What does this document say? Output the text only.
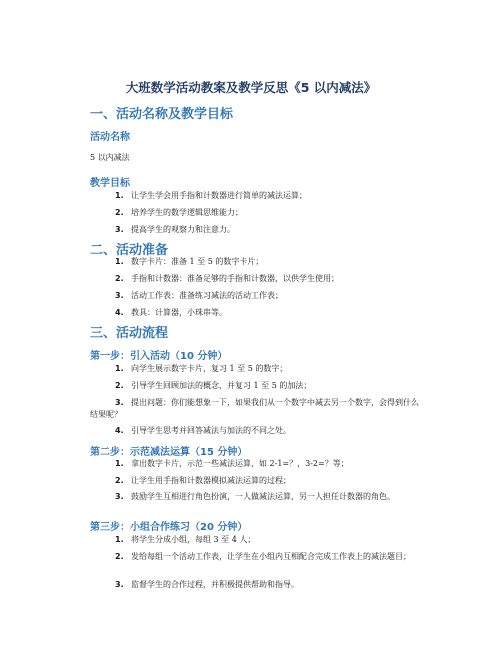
大班数学活动教案及教学反思《5 以内减法》
一、活动名称及教学目标
活动名称
5 以内减法
教学目标
1. 让学生学会用手指和计数器进行简单的减法运算；
2. 培养学生的数学逻辑思维能力；
3. 提高学生的观察力和注意力。
二、活动准备
1. 数字卡片：准备 1 至 5 的数字卡片；
2. 手指和计数器：准备足够的手指和计数器，以供学生使用；
3. 活动工作表：准备练习减法的活动工作表；
4. 教具：计算器，小珠串等。
三、活动流程
第一步：引入活动（10 分钟）
1. 向学生展示数字卡片，复习 1 至 5 的数字；
2. 引导学生回顾加法的概念，并复习 1 至 5 的加法；
3. 提出问题：你们能想象一下，如果我们从一个数字中减去另一个数字，会得到什么结果呢？
4. 引导学生思考并回答减法与加法的不同之处。
第二步：示范减法运算（15 分钟）
1. 拿出数字卡片，示范一些减法运算，如 2-1=？，3-2=？等；
2. 让学生用手指和计数器模拟减法运算的过程；
3. 鼓励学生互相进行角色扮演，一人做减法运算，另一人担任计数器的角色。
第三步：小组合作练习（20 分钟）
1. 将学生分成小组，每组 3 至 4 人；
2. 发给每组一个活动工作表，让学生在小组内互相配合完成工作表上的减法题目；
3. 监督学生的合作过程，并积极提供帮助和指导。
